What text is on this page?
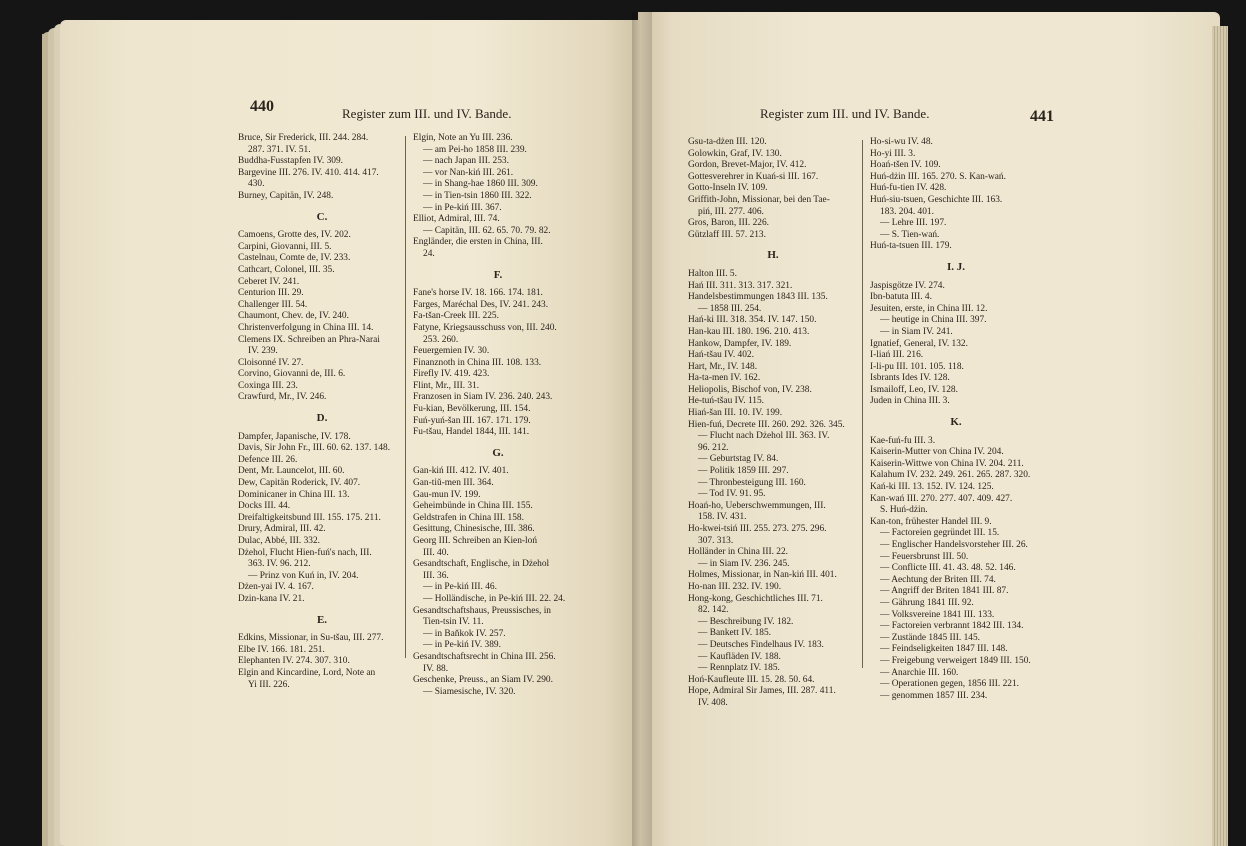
440	Register zum III. und IV. Bande.	Register zum III. und IV. Bande.	441
Bruce, Sir Frederick, III. 244. 284.
287. 371. IV. 51.
Buddha-Fusstapfen IV. 309.
Bargevine III. 276. IV. 410. 414. 417.
430.
Burney, Capitän, IV. 248.
C.
Camoens, Grotte des, IV. 202.
Carpini, Giovanni, III. 5.
Castelnau, Comte de, IV. 233.
Cathcart, Colonel, III. 35.
Ceberet IV. 241.
Centurion III. 29.
Challenger III. 54.
Chaumont, Chev. de, IV. 240.
Christenverfolgung in China III. 14.
Clemens IX. Schreiben an Phra-Narai
IV. 239.
Cloisonné IV. 27.
Corvino, Giovanni de, III. 6.
Coxinga III. 23.
Crawfurd, Mr., IV. 246.
D.
Dampfer, Japanische, IV. 178.
Davis, Sir John Fr., III. 60. 62. 137. 148.
Defence III. 26.
Dent, Mr. Launcelot, III. 60.
Dew, Capitän Roderick, IV. 407.
Dominicaner in China III. 13.
Docks III. 44.
Dreifaltigkeitsbund III. 155. 175. 211.
Drury, Admiral, III. 42.
Dulac, Abbé, III. 332.
Dżehol, Flucht Hien-fuń's nach, III.
363. IV. 96. 212.
— Prinz von Kuń in, IV. 204.
Dżen-yai IV. 4. 167.
Dzin-kana IV. 21.
E.
Edkins, Missionar, in Su-tšau, III. 277.
Elbe IV. 166. 181. 251.
Elephanten IV. 274. 307. 310.
Elgin and Kincardine, Lord, Note an
Yi III. 226.
Elgin, Note an Yu III. 236.
— am Pei-ho 1858 III. 239.
— nach Japan III. 253.
— vor Nan-kiń III. 261.
— in Shang-hae 1860 III. 309.
— in Tien-tsin 1860 III. 322.
— in Pe-kiń III. 367.
Elliot, Admiral, III. 74.
— Capitän, III. 62. 65. 70. 79. 82.
Engländer, die ersten in China, III.
24.
F.
Fane's horse IV. 18. 166. 174. 181.
Farges, Maréchal Des, IV. 241. 243.
Fa-tšan-Creek III. 225.
Fatyne, Kriegsausschuss von, III. 240.
253. 260.
Feuergemien IV. 30.
Finanznoth in China III. 108. 133.
Firefly IV. 419. 423.
Flint, Mr., III. 31.
Franzosen in Siam IV. 236. 240. 243.
Fu-kian, Bevölkerung, III. 154.
Fuń-yuń-šan III. 167. 171. 179.
Fu-tšau, Handel 1844, III. 141.
G.
Gan-kiń III. 412. IV. 401.
Gan-tiŭ-men III. 364.
Gau-mun IV. 199.
Geheimbünde in China III. 155.
Geldstrafen in China III. 158.
Gesittung, Chinesische, III. 386.
Georg III. Schreiben an Kien-loń
III. 40.
Gesandtschaft, Englische, in Dżehol
III. 36.
— in Pe-kiń III. 46.
— Holländische, in Pe-kiń III. 22. 24.
Gesandtschaftshaus, Preussisches, in
Tien-tsin IV. 11.
— in Baňkok IV. 257.
— in Pe-kiń IV. 389.
Gesandtschaftsrecht in China III. 256.
IV. 88.
Geschenke, Preuss., an Siam IV. 290.
— Siamesische, IV. 320.
Gsu-ta-dżen III. 120.
Golowkin, Graf, IV. 130.
Gordon, Brevet-Major, IV. 412.
Gottesverehrer in Kuań-si III. 167.
Gotto-Inseln IV. 109.
Griffith-John, Missionar, bei den Tae-
piń, III. 277. 406.
Gros, Baron, III. 226.
Gützlaff III. 57. 213.
H.
Halton III. 5.
Hań III. 311. 313. 317. 321.
Handelsbestimmungen 1843 III. 135.
— 1858 III. 254.
Hań-ki III. 318. 354. IV. 147. 150.
Han-kau III. 180. 196. 210. 413.
Hankow, Dampfer, IV. 189.
Hań-tšau IV. 402.
Hart, Mr., IV. 148.
Ha-ta-men IV. 162.
Heliopolis, Bischof von, IV. 238.
He-tuń-tšau IV. 115.
Hiań-šan III. 10. IV. 199.
Hien-fuń, Decrete III. 260. 292. 326. 345.
— Flucht nach Dżehol III. 363. IV.
96. 212.
— Geburtstag IV. 84.
— Politik 1859 III. 297.
— Thronbesteigung III. 160.
— Tod IV. 91. 95.
Hoań-ho, Ueberschwemmungen, III.
158. IV. 431.
Ho-kwei-tsiń III. 255. 273. 275. 296.
307. 313.
Holländer in China III. 22.
— in Siam IV. 236. 245.
Holmes, Missionar, in Nan-kiń III. 401.
Ho-nan III. 232. IV. 190.
Hong-kong, Geschichtliches III. 71.
82. 142.
— Beschreibung IV. 182.
— Bankett IV. 185.
— Deutsches Findelhaus IV. 183.
— Kaufläden IV. 188.
— Rennplatz IV. 185.
Hoń-Kaufleute III. 15. 28. 50. 64.
Hope, Admiral Sir James, III. 287. 411.
IV. 408.
Ho-si-wu IV. 48.
Ho-yi III. 3.
Hoań-tšen IV. 109.
Huń-dżin III. 165. 270. S. Kan-wań.
Huń-fu-tien IV. 428.
Huń-siu-tsuen, Geschichte III. 163.
183. 204. 401.
— Lehre III. 197.
— S. Tien-wań.
Huń-ta-tsuen III. 179.
I. J.
Jaspisgötze IV. 274.
Ibn-batuta III. 4.
Jesuiten, erste, in China III. 12.
— heutige in China III. 397.
— in Siam IV. 241.
Ignatief, General, IV. 132.
I-liań III. 216.
I-li-pu III. 101. 105. 118.
Isbrants Ides IV. 128.
Ismailoff, Leo, IV. 128.
Juden in China III. 3.
K.
Kae-fuń-fu III. 3.
Kaiserin-Mutter von China IV. 204.
Kaiserin-Wittwe von China IV. 204. 211.
Kalahum IV. 232. 249. 261. 265. 287. 320.
Kań-ki III. 13. 152. IV. 124. 125.
Kan-wań III. 270. 277. 407. 409. 427.
S. Huń-dżin.
Kan-ton, frühester Handel III. 9.
— Factoreien gegründet III. 15.
— Englischer Handelsvorsteher III. 26.
— Feuersbrunst III. 50.
— Conflicte III. 41. 43. 48. 52. 146.
— Aechtung der Briten III. 74.
— Angriff der Briten 1841 III. 87.
— Gährung 1841 III. 92.
— Volksvereine 1841 III. 133.
— Factoreien verbrannt 1842 III. 134.
— Zustände 1845 III. 145.
— Feindseligkeiten 1847 III. 148.
— Freigebung verweigert 1849 III. 150.
— Anarchie III. 160.
— Operationen gegen, 1856 III. 221.
— genommen 1857 III. 234.
